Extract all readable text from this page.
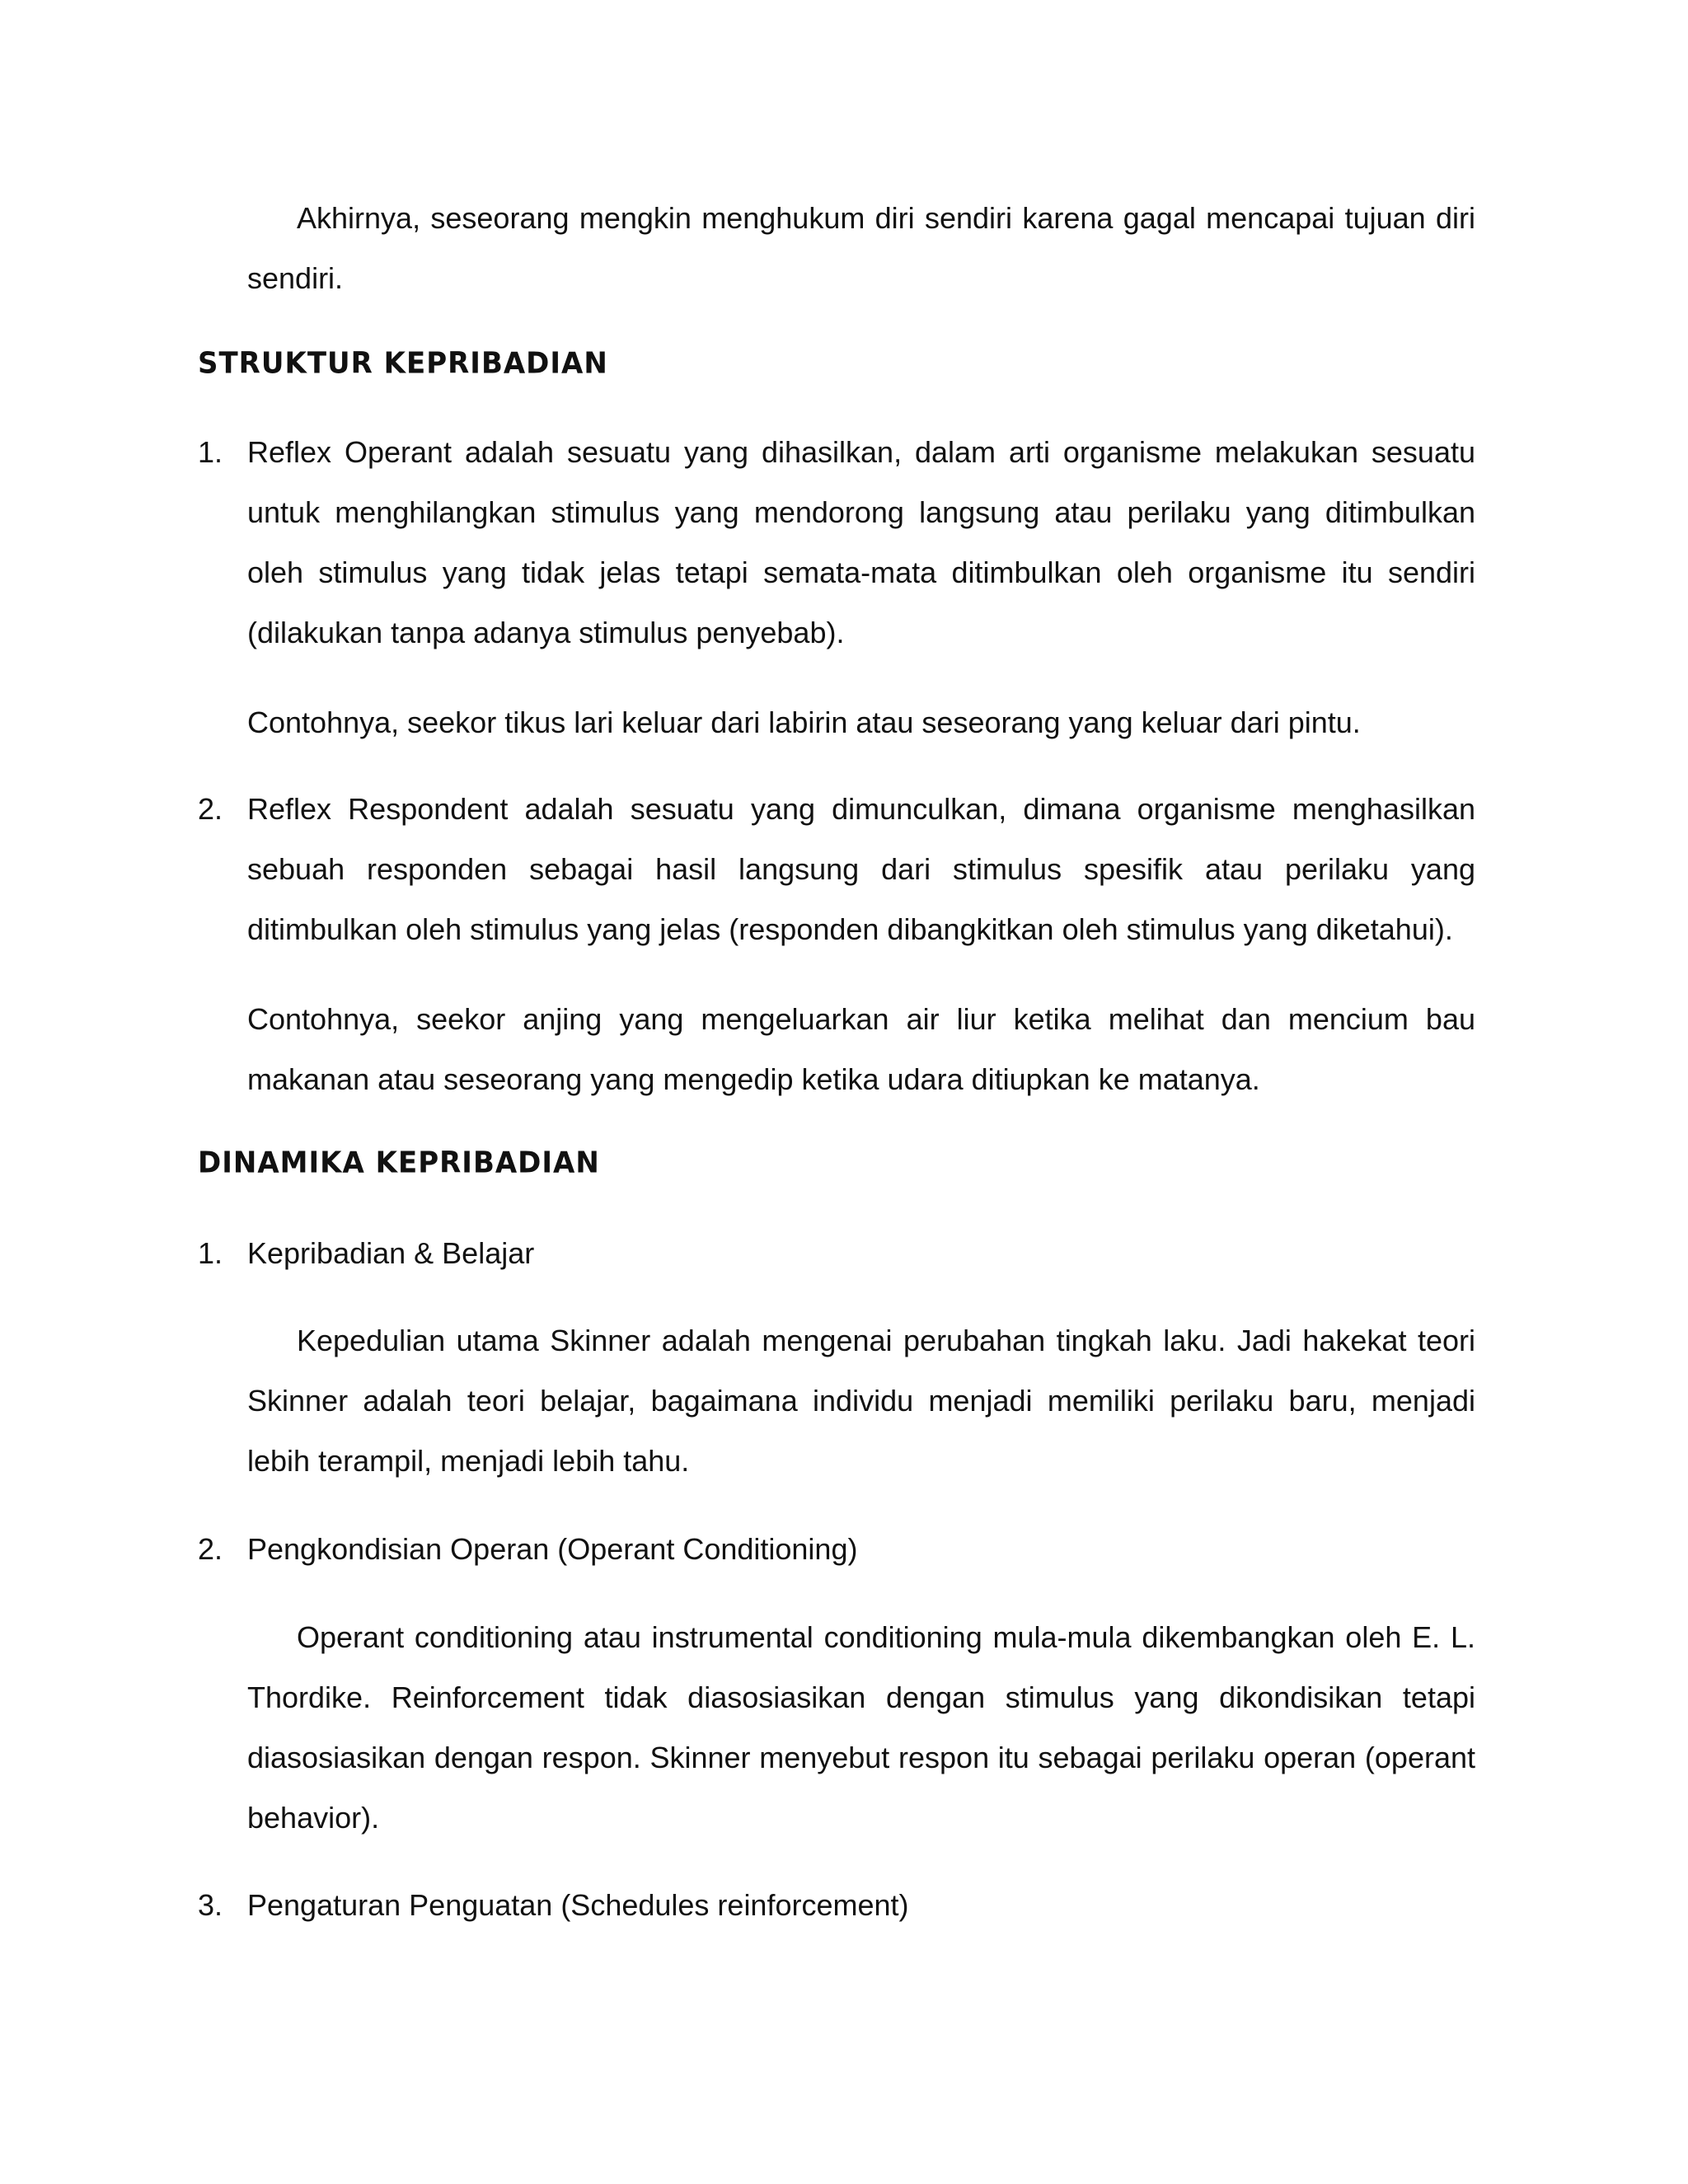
Akhirnya, seseorang mengkin menghukum diri sendiri karena gagal mencapai tujuan diri sendiri.

STRUKTUR KEPRIBADIAN
1. Reflex Operant adalah sesuatu yang dihasilkan, dalam arti organisme melakukan sesuatu untuk menghilangkan stimulus yang mendorong langsung atau perilaku yang ditimbulkan oleh stimulus yang tidak jelas tetapi semata-mata ditimbulkan oleh organisme itu sendiri (dilakukan tanpa adanya stimulus penyebab).

Contohnya, seekor tikus lari keluar dari labirin atau seseorang yang keluar dari pintu.

2. Reflex Respondent adalah sesuatu yang dimunculkan, dimana organisme menghasilkan sebuah responden sebagai hasil langsung dari stimulus spesifik atau perilaku yang ditimbulkan oleh stimulus yang jelas (responden dibangkitkan oleh stimulus yang diketahui).

Contohnya, seekor anjing yang mengeluarkan air liur ketika melihat dan mencium bau makanan atau seseorang yang mengedip ketika udara ditiupkan ke matanya.

DINAMIKA KEPRIBADIAN
1. Kepribadian & Belajar

Kepedulian utama Skinner adalah mengenai perubahan tingkah laku. Jadi hakekat teori Skinner adalah teori belajar, bagaimana individu menjadi memiliki perilaku baru, menjadi lebih terampil, menjadi lebih tahu.

2. Pengkondisian Operan (Operant Conditioning)

Operant conditioning atau instrumental conditioning mula-mula dikembangkan oleh E. L. Thordike. Reinforcement tidak diasosiasikan dengan stimulus yang dikondisikan tetapi diasosiasikan dengan respon. Skinner menyebut respon itu sebagai perilaku operan (operant behavior).

3. Pengaturan Penguatan (Schedules reinforcement)
